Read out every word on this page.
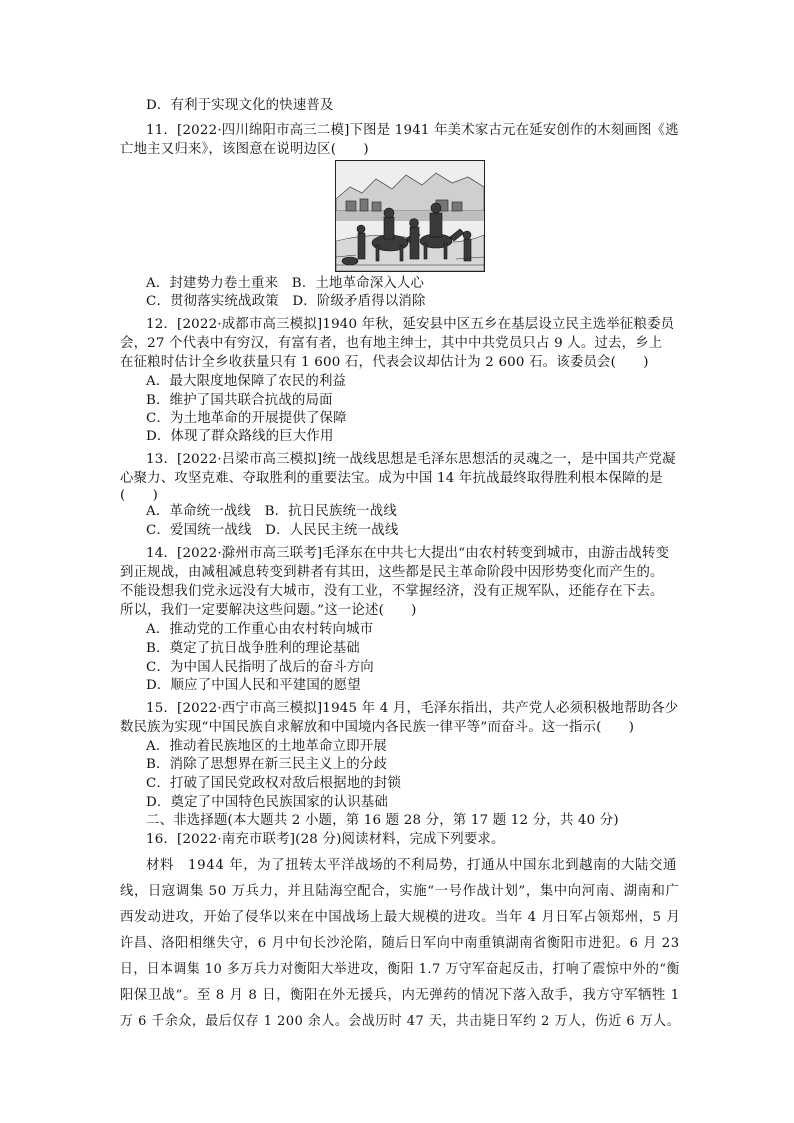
D．有利于实现文化的快速普及
11．[2022·四川绵阳市高三二模]下图是 1941 年美术家古元在延安创作的木刻画图《逃
亡地主又归来》，该图意在说明边区(　　)
A．封建势力卷土重来　B．土地革命深入人心
C．贯彻落实统战政策　D．阶级矛盾得以消除
12．[2022·成都市高三模拟]1940 年秋，延安县中区五乡在基层设立民主选举征粮委员
会，27 个代表中有穷汉，有富有者，也有地主绅士，其中中共党员只占 9 人。过去，乡上
在征粮时估计全乡收获量只有 1 600 石，代表会议却估计为 2 600 石。该委员会(　　)
A．最大限度地保障了农民的利益
B．维护了国共联合抗战的局面
C．为土地革命的开展提供了保障
D．体现了群众路线的巨大作用
13．[2022·吕梁市高三模拟]统一战线思想是毛泽东思想活的灵魂之一，是中国共产党凝
心聚力、攻坚克难、夺取胜利的重要法宝。成为中国 14 年抗战最终取得胜利根本保障的是
(　　)
A．革命统一战线　B．抗日民族统一战线
C．爱国统一战线　D．人民民主统一战线
14．[2022·滁州市高三联考]毛泽东在中共七大提出“由农村转变到城市，由游击战转变
到正规战，由减租减息转变到耕者有其田，这些都是民主革命阶段中因形势变化而产生的。
不能设想我们党永远没有大城市，没有工业，不掌握经济，没有正规军队，还能存在下去。
所以，我们一定要解决这些问题。”这一论述(　　)
A．推动党的工作重心由农村转向城市
B．奠定了抗日战争胜利的理论基础
C．为中国人民指明了战后的奋斗方向
D．顺应了中国人民和平建国的愿望
15．[2022·西宁市高三模拟]1945 年 4 月，毛泽东指出，共产党人必须积极地帮助各少
数民族为实现“中国民族自求解放和中国境内各民族一律平等”而奋斗。这一指示(　　)
A．推动着民族地区的土地革命立即开展
B．消除了思想界在新三民主义上的分歧
C．打破了国民党政权对敌后根据地的封锁
D．奠定了中国特色民族国家的认识基础
二、非选择题(本大题共 2 小题，第 16 题 28 分，第 17 题 12 分，共 40 分)
16．[2022·南充市联考](28 分)阅读材料，完成下列要求。
材料　1944 年，为了扭转太平洋战场的不利局势，打通从中国东北到越南的大陆交通
线，日寇调集 50 万兵力，并且陆海空配合，实施“一号作战计划”，集中向河南、湖南和广
西发动进攻，开始了侵华以来在中国战场上最大规模的进攻。当年 4 月日军占领郑州，5 月
许昌、洛阳相继失守，6 月中旬长沙沦陷，随后日军向中南重镇湖南省衡阳市进犯。6 月 23
日，日本调集 10 多万兵力对衡阳大举进攻，衡阳 1.7 万守军奋起反击，打响了震惊中外的“衡
阳保卫战”。至 8 月 8 日，衡阳在外无援兵，内无弹药的情况下落入敌手，我方守军牺牲 1
万 6 千余众，最后仅存 1 200 余人。会战历时 47 天，共击毙日军约 2 万人，伤近 6 万人。
